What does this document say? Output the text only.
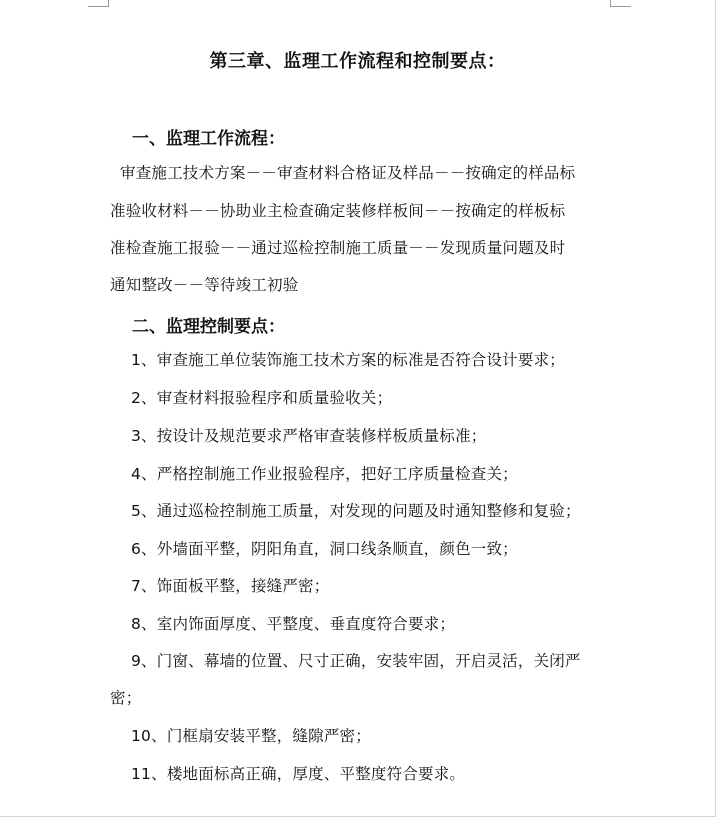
第三章、监理工作流程和控制要点：
一、监理工作流程：
审查施工技术方案－－审查材料合格证及样品－－按确定的样品标
准验收材料－－协助业主检查确定装修样板间－－按确定的样板标
准检查施工报验－－通过巡检控制施工质量－－发现质量问题及时
通知整改－－等待竣工初验
二、监理控制要点：
1、审查施工单位装饰施工技术方案的标准是否符合设计要求；
2、审查材料报验程序和质量验收关；
3、按设计及规范要求严格审查装修样板质量标准；
4、严格控制施工作业报验程序，把好工序质量检查关；
5、通过巡检控制施工质量，对发现的问题及时通知整修和复验；
6、外墙面平整，阴阳角直，洞口线条顺直，颜色一致；
7、饰面板平整，接缝严密；
8、室内饰面厚度、平整度、垂直度符合要求；
9、门窗、幕墙的位置、尺寸正确，安装牢固，开启灵活，关闭严
密；
10、门框扇安装平整，缝隙严密；
11、楼地面标高正确，厚度、平整度符合要求。
